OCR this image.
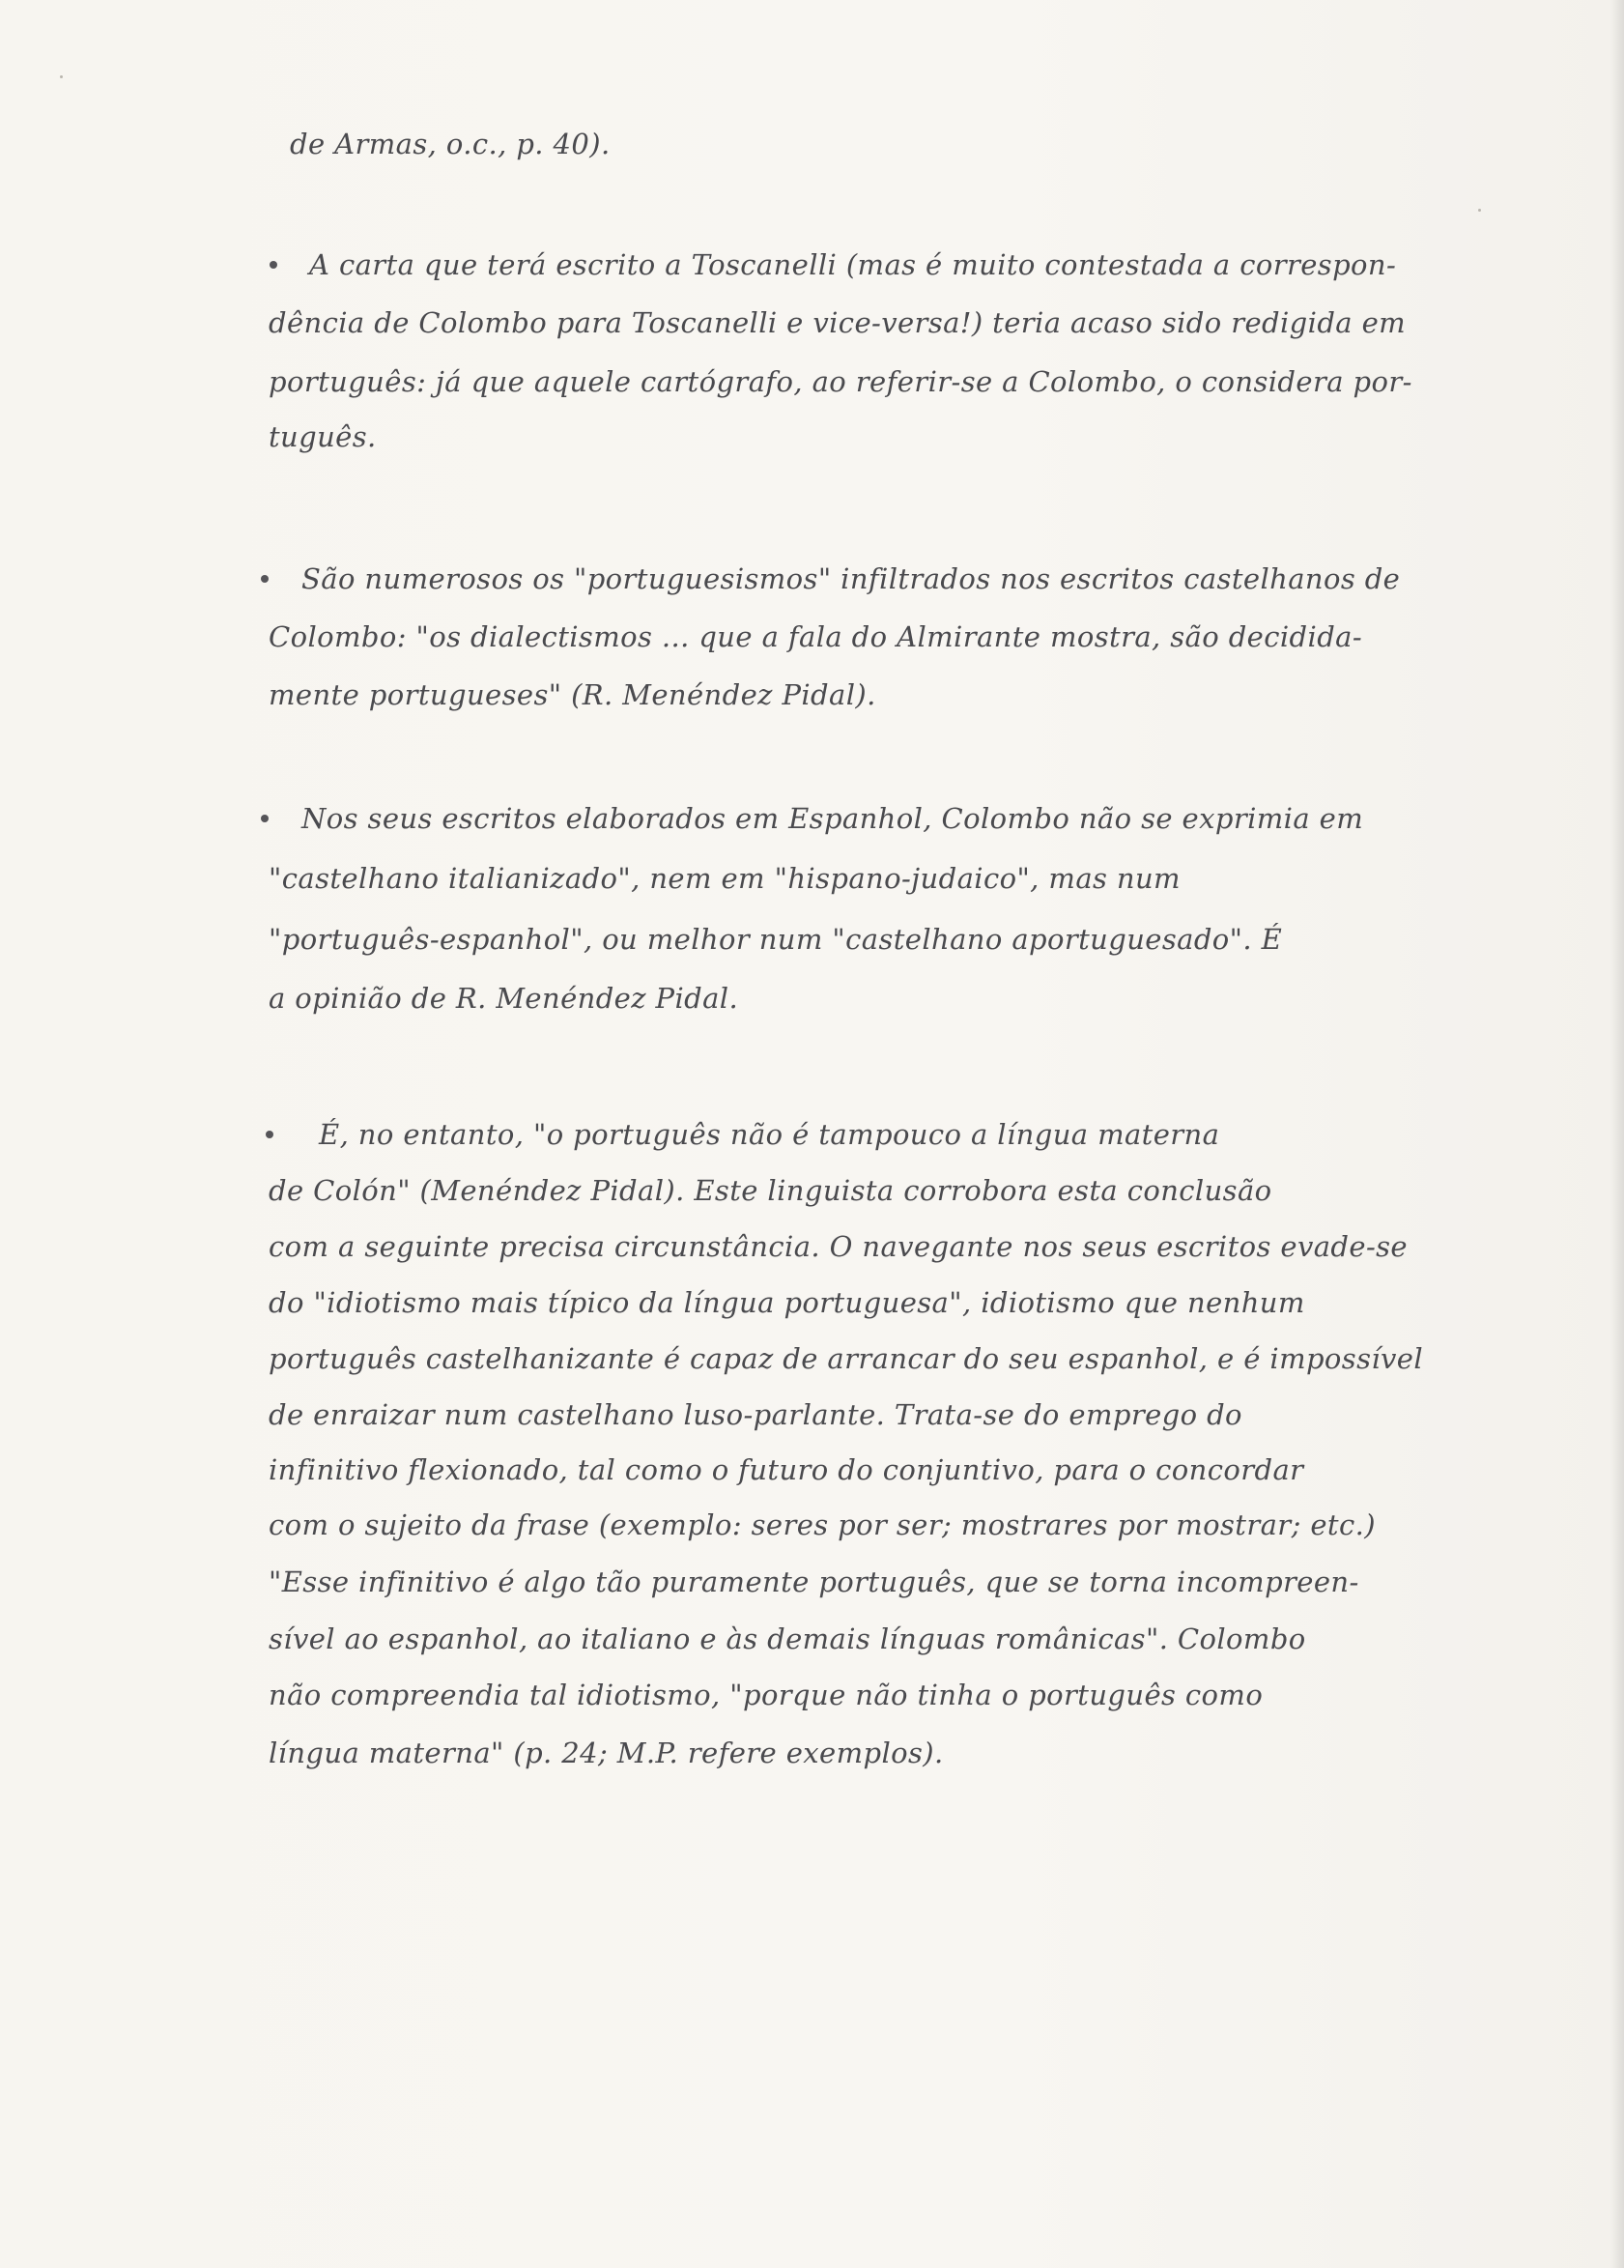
de Armas, o.c., p. 40).
A carta que terá escrito a Toscanelli (mas é muito contestada a correspon-
dência de Colombo para Toscanelli e vice-versa!) teria acaso sido redigida em
português: já que aquele cartógrafo, ao referir-se a Colombo, o considera por-
tuguês.
São numerosos os "portuguesismos" infiltrados nos escritos castelhanos de
Colombo: "os dialectismos ... que a fala do Almirante mostra, são decidida-
mente portugueses" (R. Menéndez Pidal).
Nos seus escritos elaborados em Espanhol, Colombo não se exprimia em
"castelhano italianizado", nem em "hispano-judaico", mas num
"português-espanhol", ou melhor num "castelhano aportuguesado". É
a opinião de R. Menéndez Pidal.
É, no entanto, "o português não é tampouco a língua materna
de Colón" (Menéndez Pidal). Este linguista corrobora esta conclusão
com a seguinte precisa circunstância. O navegante nos seus escritos evade-se
do "idiotismo mais típico da língua portuguesa", idiotismo que nenhum
português castelhanizante é capaz de arrancar do seu espanhol, e é impossível
de enraizar num castelhano luso-parlante. Trata-se do emprego do
infinitivo flexionado, tal como o futuro do conjuntivo, para o concordar
com o sujeito da frase (exemplo: seres por ser; mostrares por mostrar; etc.)
"Esse infinitivo é algo tão puramente português, que se torna incompreen-
sível ao espanhol, ao italiano e às demais línguas românicas". Colombo
não compreendia tal idiotismo, "porque não tinha o português como
língua materna" (p. 24; M.P. refere exemplos).
